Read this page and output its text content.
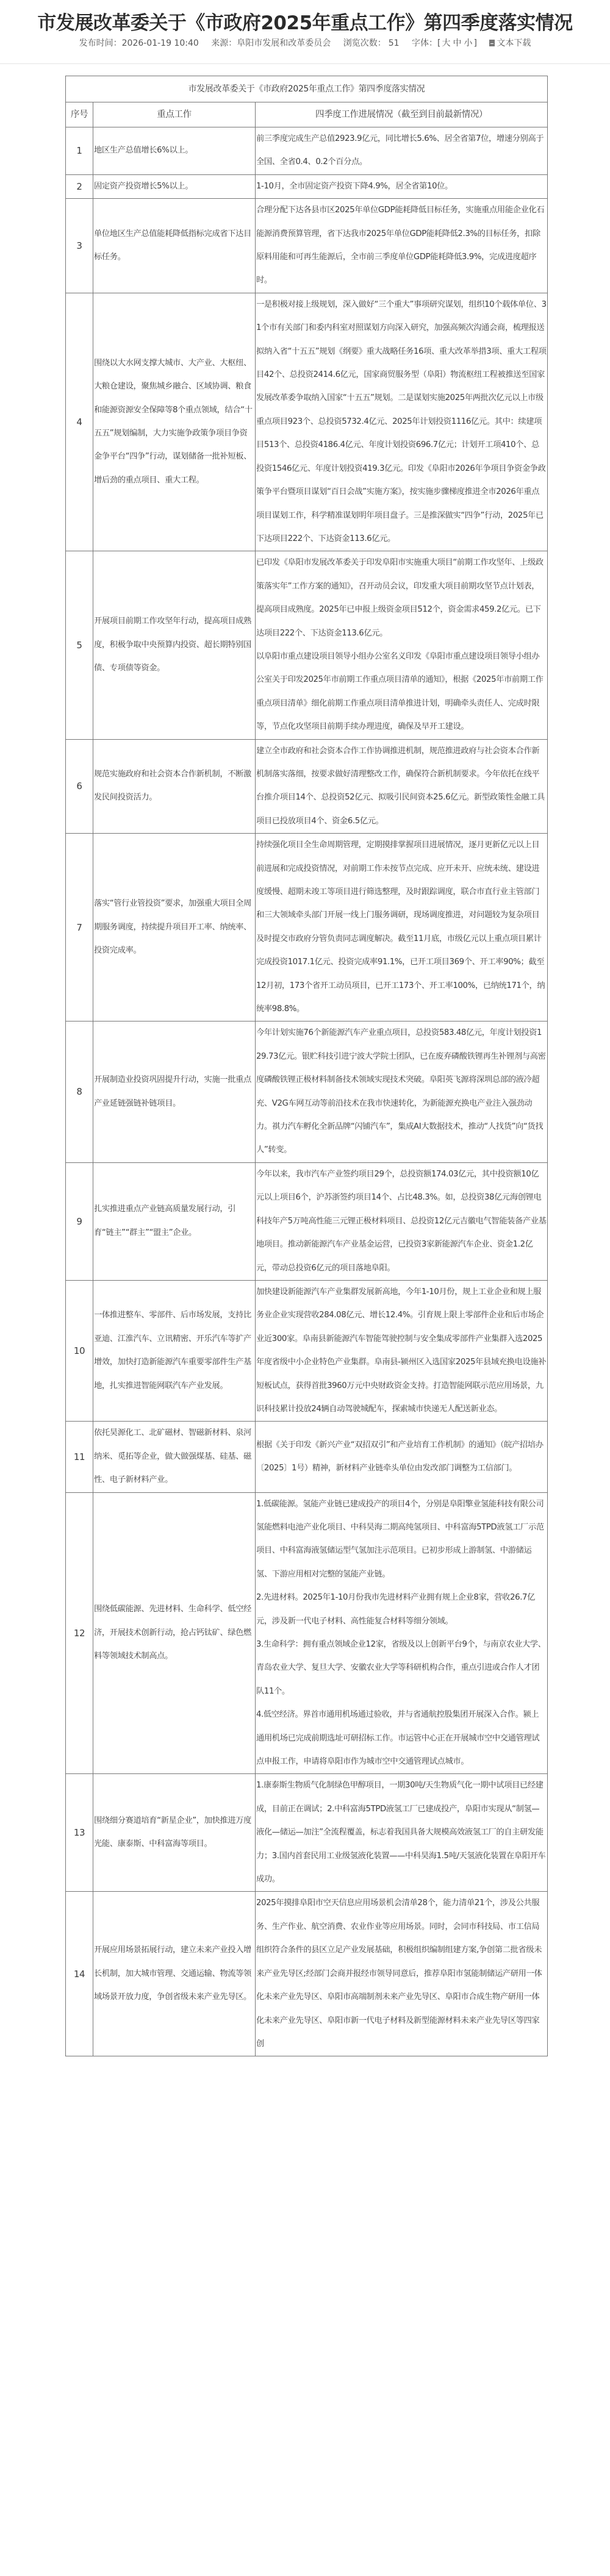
市发展改革委关于《市政府2025年重点工作》第四季度落实情况
发布时间：2026-01-19 10:40 来源：阜阳市发展和改革委员会 浏览次数： 51 字体：[ 大 中 小 ] 文本下载
市发展改革委关于《市政府2025年重点工作》第四季度落实情况		
序号	重点工作	四季度工作进展情况（截至到目前最新情况）
1	地区生产总值增长6%以上。	前三季度完成生产总值2923.9亿元，同比增长5.6%、居全省第7位，增速分别高于全国、全省0.4、0.2个百分点。

2	固定资产投资增长5%以上。	1-10月，全市固定资产投资下降4.9%，居全省第10位。

3	单位地区生产总值能耗降低指标完成省下达目标任务。	合理分配下达各县市区2025年单位GDP能耗降低目标任务，实施重点用能企业化石能源消费预算管理，省下达我市2025年单位GDP能耗降低2.3%的目标任务，扣除原料用能和可再生能源后，全市前三季度单位GDP能耗降低3.9%，完成进度超序时。

4	围绕以大水网支撑大城市、大产业、大枢纽、大粮仓建设，聚焦城乡融合、区域协调、粮食和能源资源安全保障等8个重点领域，结合“十五五”规划编制，大力实施争政策争项目争资金争平台“四争”行动，谋划储备一批补短板、增后劲的重点项目、重大工程。	一是积极对接上级规划，深入做好“三个重大”事项研究谋划，组织10个载体单位、31个市有关部门和委内科室对照谋划方向深入研究，加强高频次沟通会商，梳理报送拟纳入省“十五五”规划《纲要》重大战略任务16项、重大改革举措3项、重大工程项目42个、总投资2414.6亿元，国家商贸服务型（阜阳）物流枢纽工程被推送至国家发展改革委争取纳入国家“十五五”规划。二是谋划实施2025年两批次亿元以上市级重点项目923个、总投资5732.4亿元、2025年计划投资1116亿元。其中：续建项目513个、总投资4186.4亿元、年度计划投资696.7亿元；计划开工项410个、总投资1546亿元、年度计划投资419.3亿元。印发《阜阳市2026年争项目争资金争政策争平台暨项目谋划“百日会战”实施方案》，按实施步骤梯度推进全市2026年重点项目谋划工作，科学精准谋划明年项目盘子。三是推深做实“四争”行动，2025年已下达项目222个、下达资金113.6亿元。

5	开展项目前期工作攻坚年行动，提高项目成熟度，积极争取中央预算内投资、超长期特别国债、专项债等资金。	已印发《阜阳市发展改革委关于印发阜阳市实施重大项目“前期工作攻坚年、上级政策落实年”工作方案的通知》，召开动员会议，印发重大项目前期攻坚节点计划表，提高项目成熟度。2025年已申报上级资金项目512个，资金需求459.2亿元。已下达项目222个、下达资金113.6亿元。

以阜阳市重点建设项目领导小组办公室名义印发《阜阳市重点建设项目领导小组办公室关于印发2025年市前期工作重点项目清单的通知》，根据《2025年市前期工作重点项目清单》细化前期工作重点项目清单推进计划，明确牵头责任人、完成时限等，节点化攻坚项目前期手续办理进度，确保及早开工建设。

6	规范实施政府和社会资本合作新机制，不断激发民间投资活力。	建立全市政府和社会资本合作工作协调推进机制，规范推进政府与社会资本合作新机制落实落细，按要求做好清理整改工作，确保符合新机制要求。今年依托在线平台推介项目14个、总投资52亿元、拟吸引民间资本25.6亿元。新型政策性金融工具项目已投放项目4个、资金6.5亿元。

7	落实“管行业管投资”要求，加强重大项目全周期服务调度，持续提升项目开工率、纳统率、投资完成率。	持续强化项目全生命周期管理，定期摸排掌握项目进展情况，逐月更新亿元以上目前进展和完成投资情况，对前期工作未按节点完成、应开未开、应统未统、建设进度缓慢、超期未竣工等项目进行筛选整理，及时跟踪调度，联合市直行业主管部门和三大领域牵头部门开展一线上门服务调研，现场调度推进，对问题较为复杂项目及时提交市政府分管负责同志调度解决。截至11月底，市级亿元以上重点项目累计完成投资1017.1亿元、投资完成率91.1%，已开工项目369个、开工率90%；截至12月初，173个省开工动员项目，已开工173个、开工率100%，已纳统171个，纳统率98.8%。

8	开展制造业投资巩固提升行动，实施一批重点产业延链强链补链项目。	今年计划实施76个新能源汽车产业重点项目，总投资583.48亿元，年度计划投资129.73亿元。银贮科技引进宁波大学院士团队，已在废弃磷酸铁锂再生补锂剂与高密度磷酸铁锂正极材料制备技术领域实现技术突破。阜阳英飞源将深圳总部的液冷超充、V2G车网互动等前沿技术在我市快速转化，为新能源充换电产业注入强劲动力。祺力汽车孵化全新品牌“闪铺汽车”，集成AI大数据技术，推动“人找货”向“货找人”转变。

9	扎实推进重点产业链高质量发展行动，引育“链主”“群主”“盟主”企业。	今年以来，我市汽车产业签约项目29个，总投资额174.03亿元，其中投资额10亿元以上项目6个，沪苏浙签约项目14个、占比48.3%。如，总投资38亿元海创锂电科技年产5万吨高性能三元锂正极材料项目、总投资12亿元吉徽电气智能装备产业基地项目。推动新能源汽车产业基金运营，已投资3家新能源汽车企业、资金1.2亿元，带动总投资6亿元的项目落地阜阳。

10	一体推进整车、零部件、后市场发展，支持比亚迪、江淮汽车、立讯精密、开乐汽车等扩产增效，加快打造新能源汽车重要零部件生产基地，扎实推进智能网联汽车产业发展。	加快建设新能源汽车产业集群发展新高地，今年1-10月份，规上工业企业和规上服务业企业实现营收284.08亿元、增长12.4%。引育规上限上零部件企业和后市场企业近300家。阜南县新能源汽车智能驾驶控制与安全集成零部件产业集群入选2025年度省级中小企业特色产业集群。阜南县-颍州区入选国家2025年县域充换电设施补短板试点，获得首批3960万元中央财政资金支持。打造智能网联示范应用场景，九识科技累计投放24辆自动驾驶城配车，探索城市快递无人配送新业态。

11	依托昊源化工、北矿磁材、智磁新材料、泉河纳米、觅拓等企业，做大做强煤基、硅基、磁性、电子新材料产业。	根据《关于印发《新兴产业“双招双引”和产业培育工作机制》的通知》（皖产招培办〔2025〕1号）精神，新材料产业链牵头单位由发改部门调整为工信部门。

12	围绕低碳能源、先进材料、生命科学、低空经济，开展技术创新行动，抢占钙钛矿、绿色燃料等领域技术制高点。	1.低碳能源。氢能产业链已建成投产的项目4个，分别是阜阳擎业氢能科技有限公司氢能燃料电池产业化项目、中科昊海二期高纯氢项目、中科富海5TPD液氢工厂示范项目、中科富海液氢储运型气氢加注示范项目。已初步形成上游制氢、中游储运氢、下游应用相对完整的氢能产业链。

2.先进材料。2025年1-10月份我市先进材料产业拥有规上企业8家，营收26.7亿元，涉及新一代电子材料、高性能复合材料等细分领域。

3.生命科学：拥有重点领域企业12家，省级及以上创新平台9个，与南京农业大学、青岛农业大学、复旦大学、安徽农业大学等科研机构合作，重点引进或合作人才团队11个。

4.低空经济。界首市通用机场通过验收，并与省通航控股集团开展深入合作。颍上通用机场已完成前期选址可研招标工作。市运管中心正在开展城市空中交通管理试点申报工作，申请将阜阳市作为城市空中交通管理试点城市。

13	围绕细分赛道培育“新星企业”，加快推进万度光能、康泰斯、中科富海等项目。	1.康泰斯生物质气化制绿色甲醇项目，一期30吨/天生物质气化一期中试项目已经建成，目前正在调试；2.中科富海5TPD液氢工厂已建成投产，阜阳市实现从“制氢—液化—储运—加注”全流程覆盖，标志着我国具备大规模高效液氢工厂的自主研发能力；3.国内首套民用工业级氢液化装置——中科昊海1.5吨/天氢液化装置在阜阳开车成功。

14	开展应用场景拓展行动，建立未来产业投入增长机制，加大城市管理、交通运输、物流等领域场景开放力度，争创省级未来产业先导区。	2025年摸排阜阳市空天信息应用场景机会清单28个，能力清单21个，涉及公共服务、生产作业、航空消费、农业作业等应用场景。同时，会同市科技局、市工信局组织符合条件的县区立足产业发展基础，积极组织编制组建方案,争创第二批省级未来产业先导区;经部门会商并报经市领导同意后，推荐阜阳市氢能制储运产研用一体化未来产业先导区、阜阳市高端制剂未来产业先导区、阜阳市合成生物产研用一体化未来产业先导区、阜阳市新一代电子材料及新型能源材料未来产业先导区等四家创
